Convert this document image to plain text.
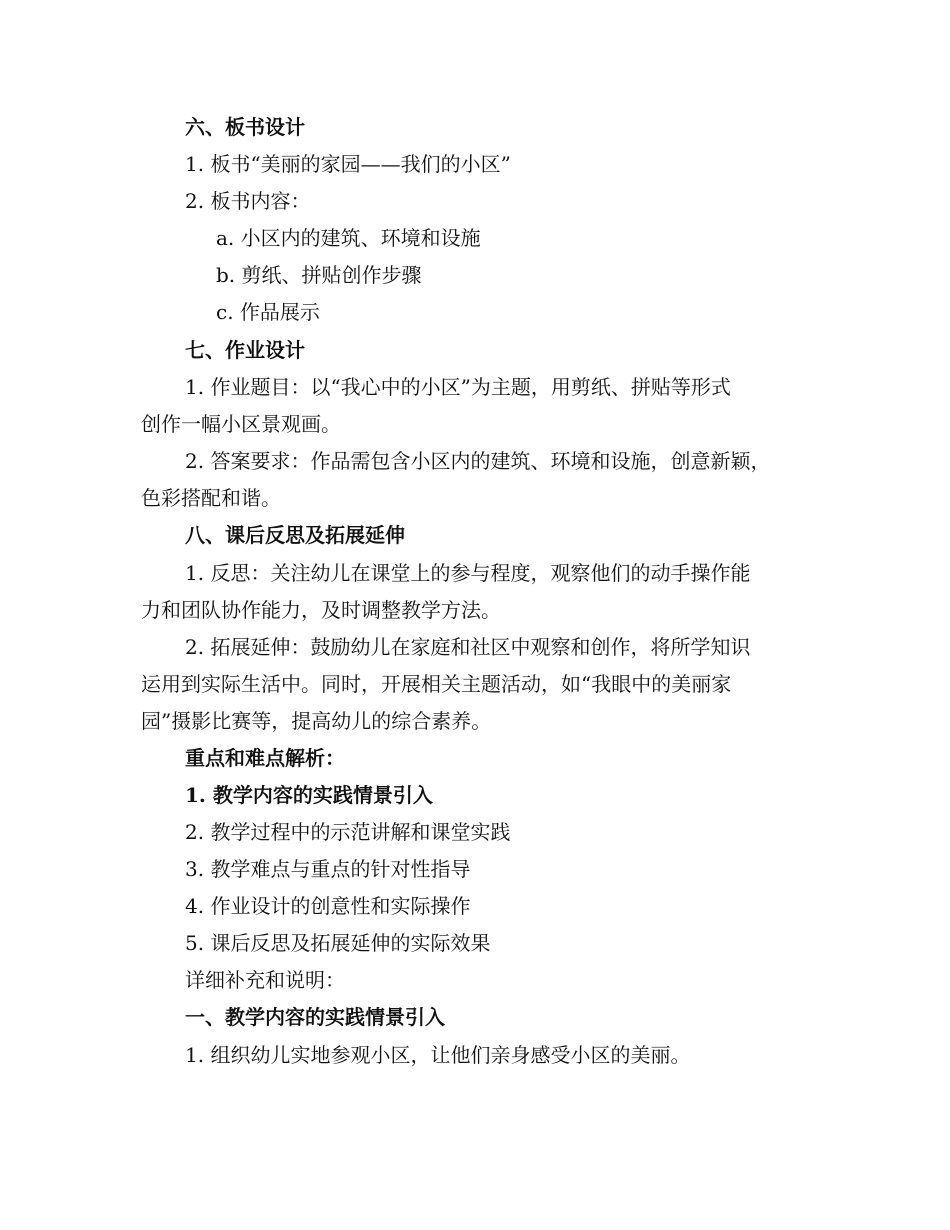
六、板书设计
1. 板书“美丽的家园——我们的小区”
2. 板书内容：
a. 小区内的建筑、环境和设施
b. 剪纸、拼贴创作步骤
c. 作品展示
七、作业设计
1. 作业题目：以“我心中的小区”为主题，用剪纸、拼贴等形式
创作一幅小区景观画。
2. 答案要求：作品需包含小区内的建筑、环境和设施，创意新颖，
色彩搭配和谐。
八、课后反思及拓展延伸
1. 反思：关注幼儿在课堂上的参与程度，观察他们的动手操作能
力和团队协作能力，及时调整教学方法。
2. 拓展延伸：鼓励幼儿在家庭和社区中观察和创作，将所学知识
运用到实际生活中。同时，开展相关主题活动，如“我眼中的美丽家
园”摄影比赛等，提高幼儿的综合素养。
重点和难点解析：
1. 教学内容的实践情景引入
2. 教学过程中的示范讲解和课堂实践
3. 教学难点与重点的针对性指导
4. 作业设计的创意性和实际操作
5. 课后反思及拓展延伸的实际效果
详细补充和说明：
一、教学内容的实践情景引入
1. 组织幼儿实地参观小区，让他们亲身感受小区的美丽。
